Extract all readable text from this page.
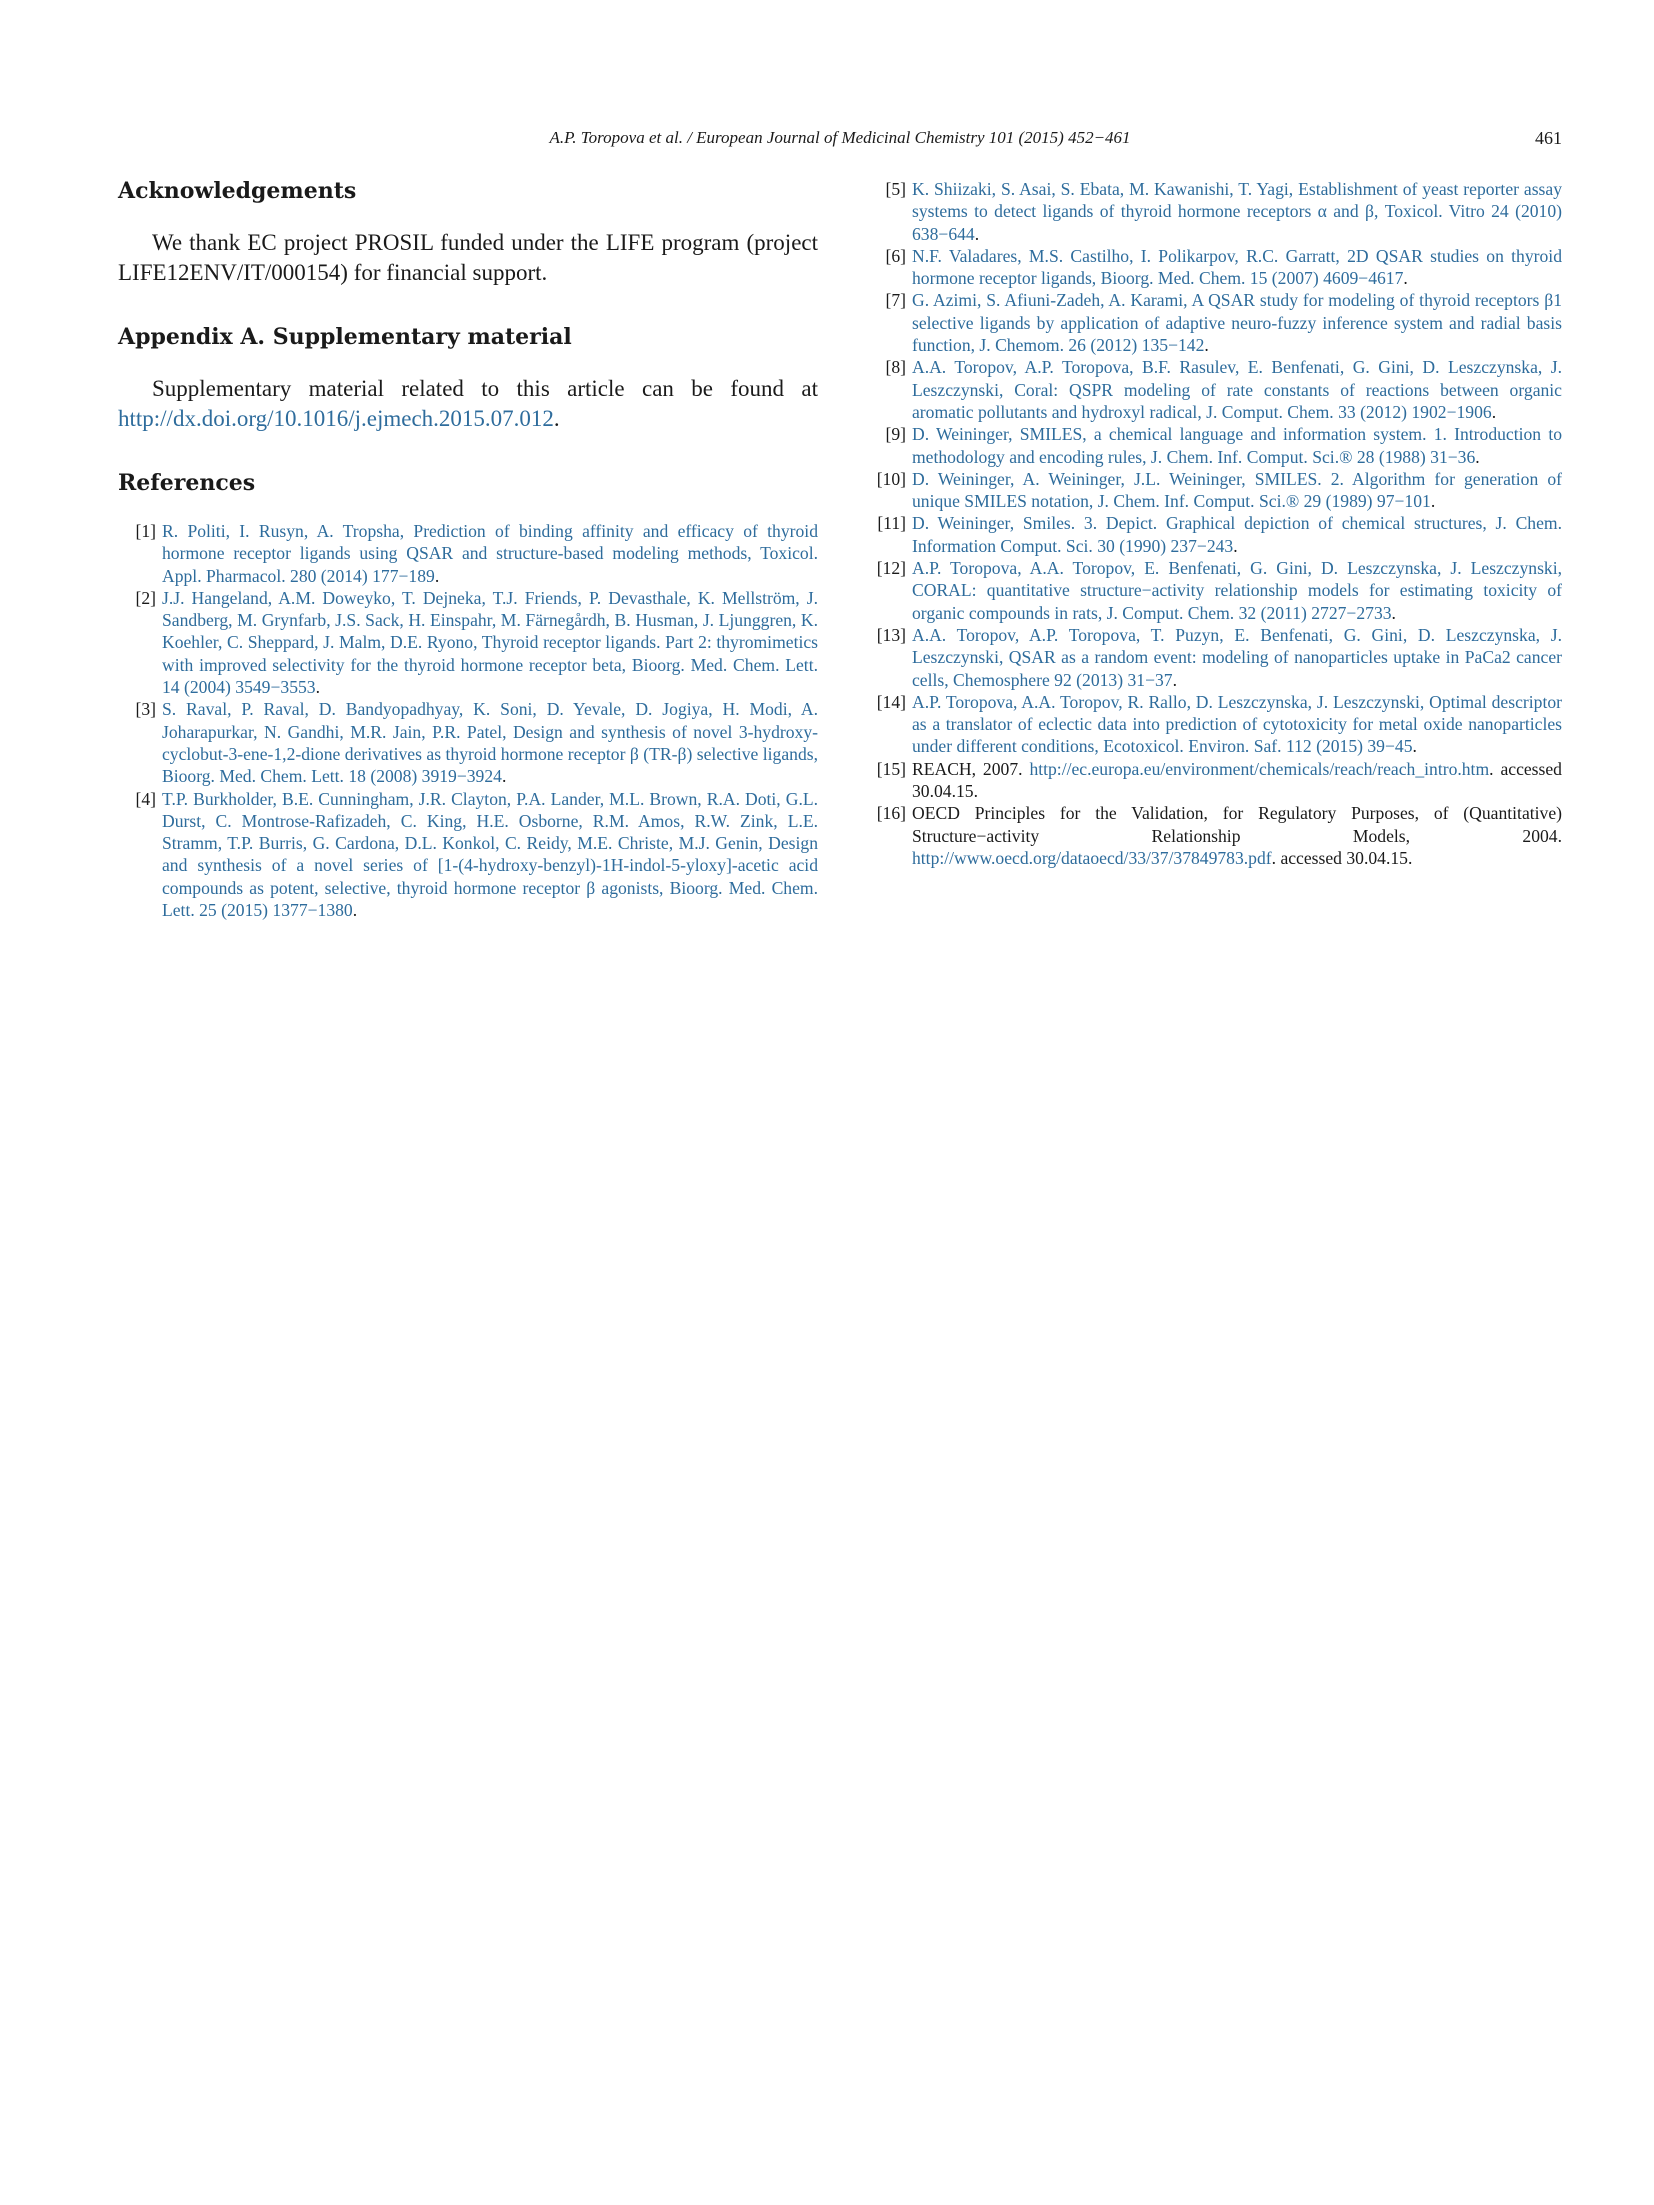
A.P. Toropova et al. / European Journal of Medicinal Chemistry 101 (2015) 452−461	461
Acknowledgements

We thank EC project PROSIL funded under the LIFE program (project LIFE12ENV/IT/000154) for financial support.

Appendix A. Supplementary material

Supplementary material related to this article can be found at http://dx.doi.org/10.1016/j.ejmech.2015.07.012.

References
[1] R. Politi, I. Rusyn, A. Tropsha, Prediction of binding affinity and efficacy of thyroid hormone receptor ligands using QSAR and structure-based modeling methods, Toxicol. Appl. Pharmacol. 280 (2014) 177−189.
[2] J.J. Hangeland, A.M. Doweyko, T. Dejneka, T.J. Friends, P. Devasthale, K. Mellström, J. Sandberg, M. Grynfarb, J.S. Sack, H. Einspahr, M. Färnegårdh, B. Husman, J. Ljunggren, K. Koehler, C. Sheppard, J. Malm, D.E. Ryono, Thyroid receptor ligands. Part 2: thyromimetics with improved selectivity for the thyroid hormone receptor beta, Bioorg. Med. Chem. Lett. 14 (2004) 3549−3553.
[3] S. Raval, P. Raval, D. Bandyopadhyay, K. Soni, D. Yevale, D. Jogiya, H. Modi, A. Joharapurkar, N. Gandhi, M.R. Jain, P.R. Patel, Design and synthesis of novel 3-hydroxy-cyclobut-3-ene-1,2-dione derivatives as thyroid hormone receptor β (TR-β) selective ligands, Bioorg. Med. Chem. Lett. 18 (2008) 3919−3924.
[4] T.P. Burkholder, B.E. Cunningham, J.R. Clayton, P.A. Lander, M.L. Brown, R.A. Doti, G.L. Durst, C. Montrose-Rafizadeh, C. King, H.E. Osborne, R.M. Amos, R.W. Zink, L.E. Stramm, T.P. Burris, G. Cardona, D.L. Konkol, C. Reidy, M.E. Christe, M.J. Genin, Design and synthesis of a novel series of [1-(4-hydroxy-benzyl)-1H-indol-5-yloxy]-acetic acid compounds as potent, selective, thyroid hormone receptor β agonists, Bioorg. Med. Chem. Lett. 25 (2015) 1377−1380.
[5] K. Shiizaki, S. Asai, S. Ebata, M. Kawanishi, T. Yagi, Establishment of yeast reporter assay systems to detect ligands of thyroid hormone receptors α and β, Toxicol. Vitro 24 (2010) 638−644.
[6] N.F. Valadares, M.S. Castilho, I. Polikarpov, R.C. Garratt, 2D QSAR studies on thyroid hormone receptor ligands, Bioorg. Med. Chem. 15 (2007) 4609−4617.
[7] G. Azimi, S. Afiuni-Zadeh, A. Karami, A QSAR study for modeling of thyroid receptors β1 selective ligands by application of adaptive neuro-fuzzy inference system and radial basis function, J. Chemom. 26 (2012) 135−142.
[8] A.A. Toropov, A.P. Toropova, B.F. Rasulev, E. Benfenati, G. Gini, D. Leszczynska, J. Leszczynski, Coral: QSPR modeling of rate constants of reactions between organic aromatic pollutants and hydroxyl radical, J. Comput. Chem. 33 (2012) 1902−1906.
[9] D. Weininger, SMILES, a chemical language and information system. 1. Introduction to methodology and encoding rules, J. Chem. Inf. Comput. Sci.® 28 (1988) 31−36.
[10] D. Weininger, A. Weininger, J.L. Weininger, SMILES. 2. Algorithm for generation of unique SMILES notation, J. Chem. Inf. Comput. Sci.® 29 (1989) 97−101.
[11] D. Weininger, Smiles. 3. Depict. Graphical depiction of chemical structures, J. Chem. Information Comput. Sci. 30 (1990) 237−243.
[12] A.P. Toropova, A.A. Toropov, E. Benfenati, G. Gini, D. Leszczynska, J. Leszczynski, CORAL: quantitative structure−activity relationship models for estimating toxicity of organic compounds in rats, J. Comput. Chem. 32 (2011) 2727−2733.
[13] A.A. Toropov, A.P. Toropova, T. Puzyn, E. Benfenati, G. Gini, D. Leszczynska, J. Leszczynski, QSAR as a random event: modeling of nanoparticles uptake in PaCa2 cancer cells, Chemosphere 92 (2013) 31−37.
[14] A.P. Toropova, A.A. Toropov, R. Rallo, D. Leszczynska, J. Leszczynski, Optimal descriptor as a translator of eclectic data into prediction of cytotoxicity for metal oxide nanoparticles under different conditions, Ecotoxicol. Environ. Saf. 112 (2015) 39−45.
[15] REACH, 2007. http://ec.europa.eu/environment/chemicals/reach/reach_intro.htm. accessed 30.04.15.
[16] OECD Principles for the Validation, for Regulatory Purposes, of (Quantitative) Structure−activity Relationship Models, 2004. http://www.oecd.org/dataoecd/33/37/37849783.pdf. accessed 30.04.15.
